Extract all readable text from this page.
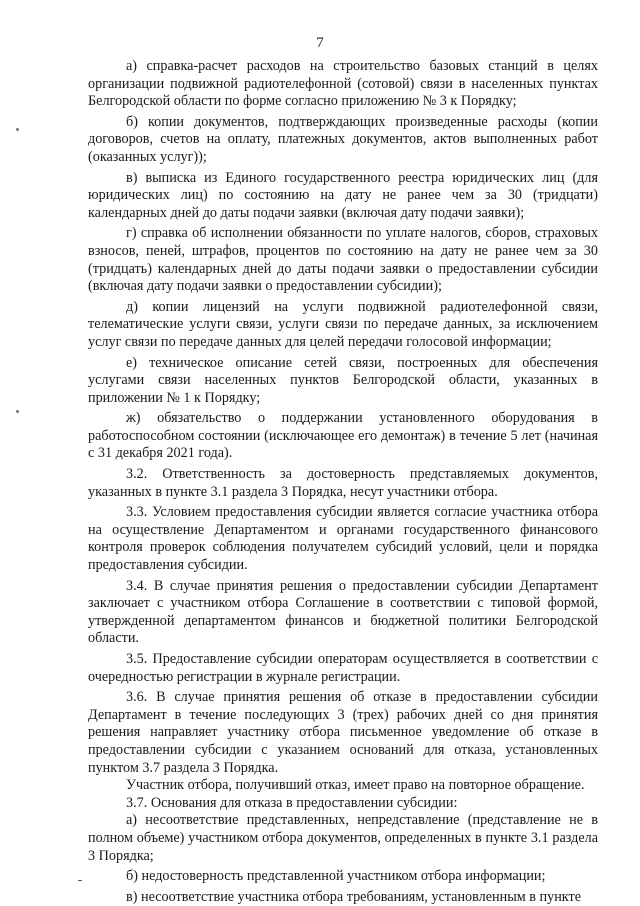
7

а) справка-расчет расходов на строительство базовых станций в целях организации подвижной радиотелефонной (сотовой) связи в населенных пунктах Белгородской области по форме согласно приложению № 3 к Порядку;

б) копии документов, подтверждающих произведенные расходы (копии договоров, счетов на оплату, платежных документов, актов выполненных работ (оказанных услуг));

в) выписка из Единого государственного реестра юридических лиц (для юридических лиц) по состоянию на дату не ранее чем за 30 (тридцати) календарных дней до даты подачи заявки (включая дату подачи заявки);

г) справка об исполнении обязанности по уплате налогов, сборов, страховых взносов, пеней, штрафов, процентов по состоянию на дату не ранее чем за 30 (тридцать) календарных дней до даты подачи заявки о предоставлении субсидии (включая дату подачи заявки о предоставлении субсидии);

д) копии лицензий на услуги подвижной радиотелефонной связи, телематические услуги связи, услуги связи по передаче данных, за исключением услуг связи по передаче данных для целей передачи голосовой информации;

е) техническое описание сетей связи, построенных для обеспечения услугами связи населенных пунктов Белгородской области, указанных в приложении № 1 к Порядку;

ж) обязательство о поддержании установленного оборудования в работоспособном состоянии (исключающее его демонтаж) в течение 5 лет (начиная с 31 декабря 2021 года).

3.2. Ответственность за достоверность представляемых документов, указанных в пункте 3.1 раздела 3 Порядка, несут участники отбора.

3.3. Условием предоставления субсидии является согласие участника отбора на осуществление Департаментом и органами государственного финансового контроля проверок соблюдения получателем субсидий условий, цели и порядка предоставления субсидии.

3.4. В случае принятия решения о предоставлении субсидии Департамент заключает с участником отбора Соглашение в соответствии с типовой формой, утвержденной департаментом финансов и бюджетной политики Белгородской области.

3.5. Предоставление субсидии операторам осуществляется в соответствии с очередностью регистрации в журнале регистрации.

3.6. В случае принятия решения об отказе в предоставлении субсидии Департамент в течение последующих 3 (трех) рабочих дней со дня принятия решения направляет участнику отбора письменное уведомление об отказе в предоставлении субсидии с указанием оснований для отказа, установленных пунктом 3.7 раздела 3 Порядка.

Участник отбора, получивший отказ, имеет право на повторное обращение.

3.7. Основания для отказа в предоставлении субсидии:

а) несоответствие представленных, непредставление (представление не в полном объеме) участником отбора документов, определенных в пункте 3.1 раздела 3 Порядка;

б) недостоверность представленной участником отбора информации;

в) несоответствие участника отбора требованиям, установленным в пункте
